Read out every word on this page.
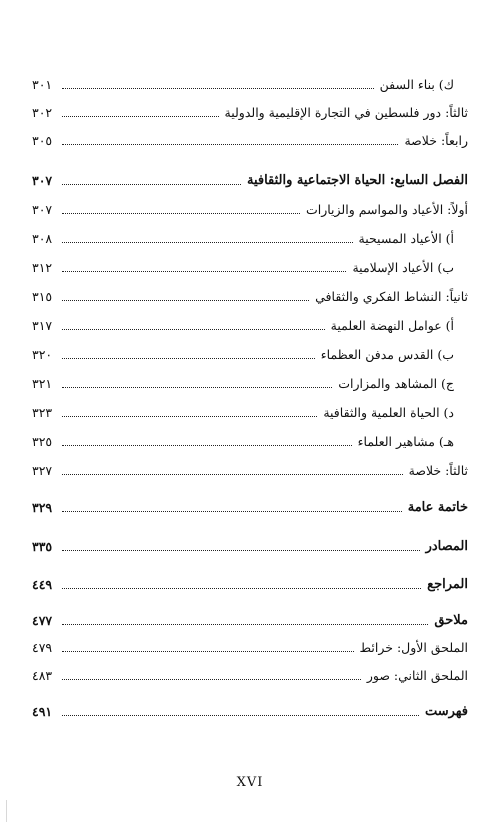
ك) بناء السفن
٣٠١
ثالثاً: دور فلسطين في التجارة الإقليمية والدولية
٣٠٢
رابعاً: خلاصة
٣٠٥
الفصل السابع: الحياة الاجتماعية والثقافية
٣٠٧
أولاً: الأعياد والمواسم والزيارات
٣٠٧
أ) الأعياد المسيحية
٣٠٨
ب) الأعياد الإسلامية
٣١٢
ثانياً: النشاط الفكري والثقافي
٣١٥
أ) عوامل النهضة العلمية
٣١٧
ب) القدس مدفن العظماء
٣٢٠
ج) المشاهد والمزارات
٣٢١
د) الحياة العلمية والثقافية
٣٢٣
هـ) مشاهير العلماء
٣٢٥
ثالثاً: خلاصة
٣٢٧
خاتمة عامة
٣٢٩
المصادر
٣٣٥
المراجع
٤٤٩
ملاحق
٤٧٧
الملحق الأول: خرائط
٤٧٩
الملحق الثاني: صور
٤٨٣
فهرست
٤٩١
XVI
